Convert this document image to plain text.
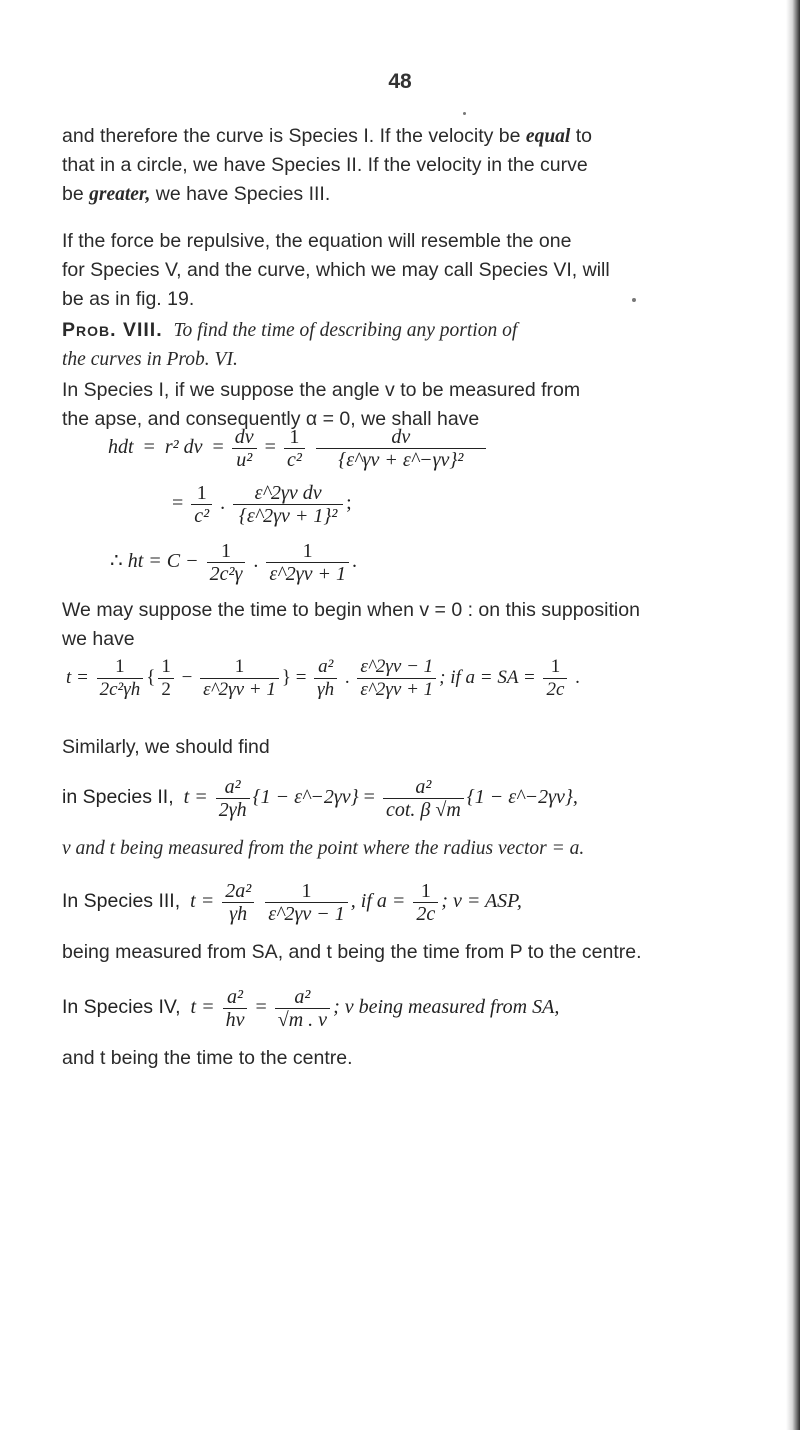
48
and therefore the curve is Species I. If the velocity be equal to
that in a circle, we have Species II. If the velocity in the curve
be greater, we have Species III.
If the force be repulsive, the equation will resemble the one
for Species V, and the curve, which we may call Species VI, will
be as in fig. 19.
Prob. VIII. To find the time of describing any portion of
the curves in Prob. VI.
In Species I, if we suppose the angle v to be measured from
the apse, and consequently α = 0, we shall have
hdt = r² dv  = $\frac{dv}{\text{u²}} = \frac{1}{\text{c²}}$
$\frac{dv}{\text{\{ε\textasciicircum{}γv + ε\textasciicircum{}−γv\}²}}$
= $\frac{1}{\text{c²}}$ . $\frac{\text{ε\textasciicircum{}2γv dv}}{\text{\{ε\textasciicircum{}2γv + 1\}²}}$ ;
∴ ht = $C - \frac{1}{\text{2c²γ}}$ . $\frac{1}{\varepsilon\^{}2\gamma v + 1}$ .
We may suppose the time to begin when v = 0 : on this supposition
we have
$t = \frac{1}{\text{2c²γh}}$ { $\frac{1}{2} - \frac{1}{\varepsilon\^{}2\gamma v + 1}$ } = $\frac{\text{a²}}{\gamma h}$ . $\frac{\varepsilon\^{}2\gamma v - 1}{\varepsilon\^{}2\gamma v + 1}$ ; if a = SA = $\frac{1}{2c}$ .
Similarly, we should find
in Species II, $t = \frac{\text{a²}}{2\gamma h} \{1$ − ε^−2γv} = $\frac{\text{a²}}{\cot. \beta √m} \{1$ − ε^−2γv},
v and t being measured from the point where the radius vector = a.
In Species III, $t = \frac{\text{2a²}}{\gamma h}$
$\frac{1}{\varepsilon\^{}2\gamma v - 1}$ , if $a = \frac{1}{2c}$ ; v = ASP,
being measured from SA, and t being the time from P to the centre.
In Species IV, $t = \frac{\text{a²}}{hv} = \frac{\text{a²}}{√m . v}$ ; v being measured from SA,
and t being the time to the centre.
